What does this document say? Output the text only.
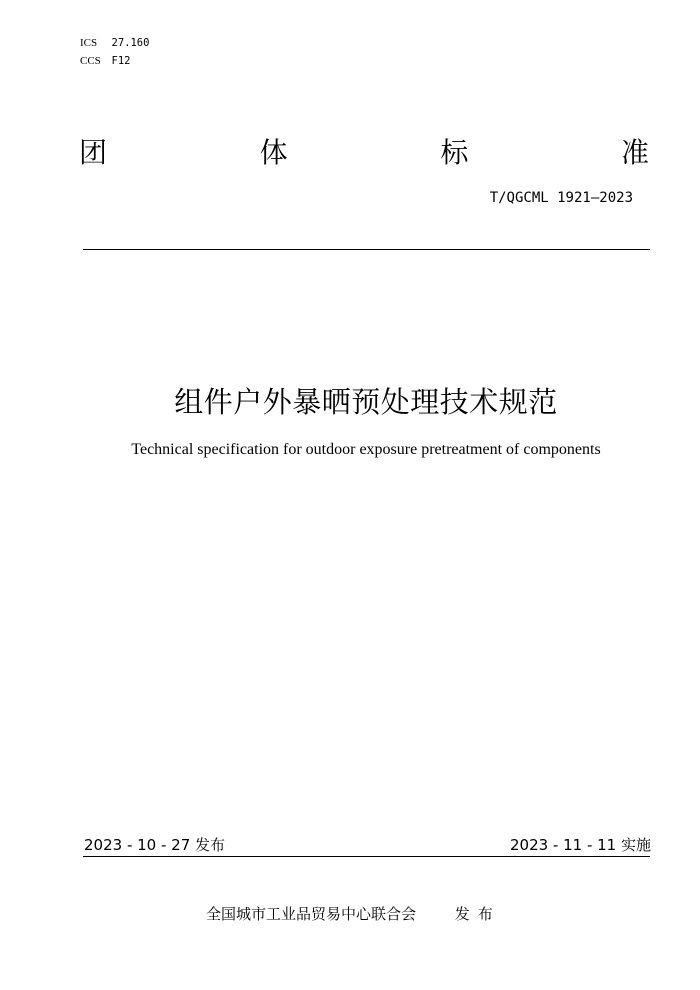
ICS 27.160
CCS F12
团	体	标	准
T/QGCML 1921—2023
组件户外暴晒预处理技术规范
Technical specification for outdoor exposure pretreatment of components
2023 - 10 - 27 发布	2023 - 11 - 11 实施
全国城市工业品贸易中心联合会	发布
